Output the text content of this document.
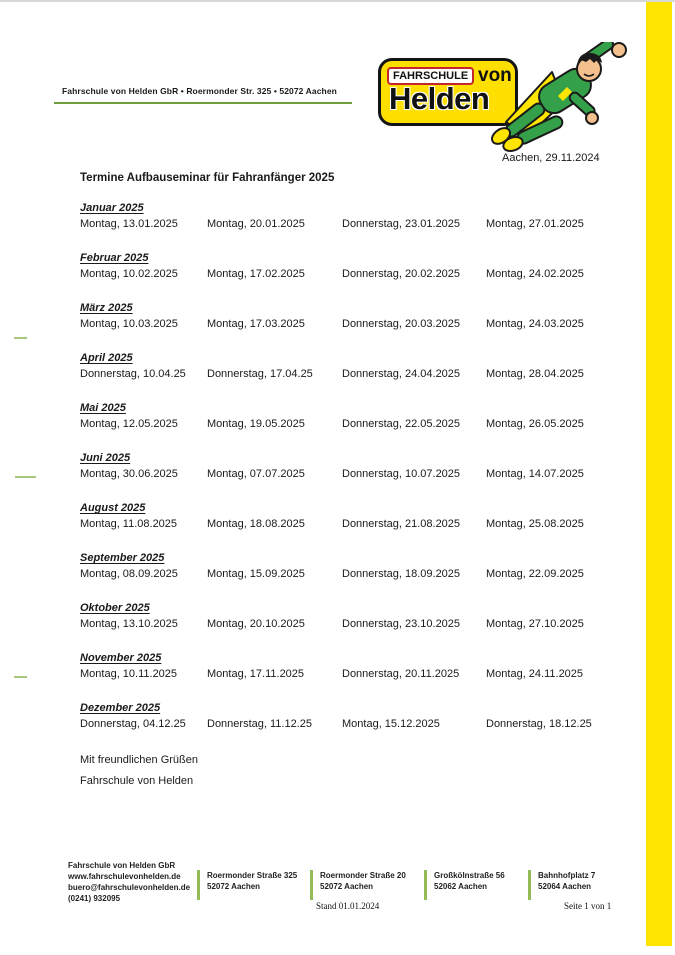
Fahrschule von Helden GbR • Roermonder Str. 325 • 52072 Aachen
FAHRSCHULE von
Helden
Aachen, 29.11.2024
Termine Aufbauseminar für Fahranfänger 2025
Januar 2025
Montag, 13.01.2025	Montag, 20.01.2025	Donnerstag, 23.01.2025	Montag, 27.01.2025
Februar 2025
Montag, 10.02.2025	Montag, 17.02.2025	Donnerstag, 20.02.2025	Montag, 24.02.2025
März 2025
Montag, 10.03.2025	Montag, 17.03.2025	Donnerstag, 20.03.2025	Montag, 24.03.2025
April 2025
Donnerstag, 10.04.25	Donnerstag, 17.04.25	Donnerstag, 24.04.2025	Montag, 28.04.2025
Mai 2025
Montag, 12.05.2025	Montag, 19.05.2025	Donnerstag, 22.05.2025	Montag, 26.05.2025
Juni 2025
Montag, 30.06.2025	Montag, 07.07.2025	Donnerstag, 10.07.2025	Montag, 14.07.2025
August 2025
Montag, 11.08.2025	Montag, 18.08.2025	Donnerstag, 21.08.2025	Montag, 25.08.2025
September 2025
Montag, 08.09.2025	Montag, 15.09.2025	Donnerstag, 18.09.2025	Montag, 22.09.2025
Oktober 2025
Montag, 13.10.2025	Montag, 20.10.2025	Donnerstag, 23.10.2025	Montag, 27.10.2025
November 2025
Montag, 10.11.2025	Montag, 17.11.2025	Donnerstag, 20.11.2025	Montag, 24.11.2025
Dezember 2025
Donnerstag, 04.12.25	Donnerstag, 11.12.25	Montag, 15.12.2025	Donnerstag, 18.12.25
Mit freundlichen Grüßen
Fahrschule von Helden
Fahrschule von Helden GbR
www.fahrschulevonhelden.de
buero@fahrschulevonhelden.de
(0241) 932095
Roermonder Straße 325
52072 Aachen
Roermonder Straße 20
52072 Aachen
Großkölnstraße 56
52062 Aachen
Bahnhofplatz 7
52064 Aachen
Stand 01.01.2024	Seite 1 von 1
